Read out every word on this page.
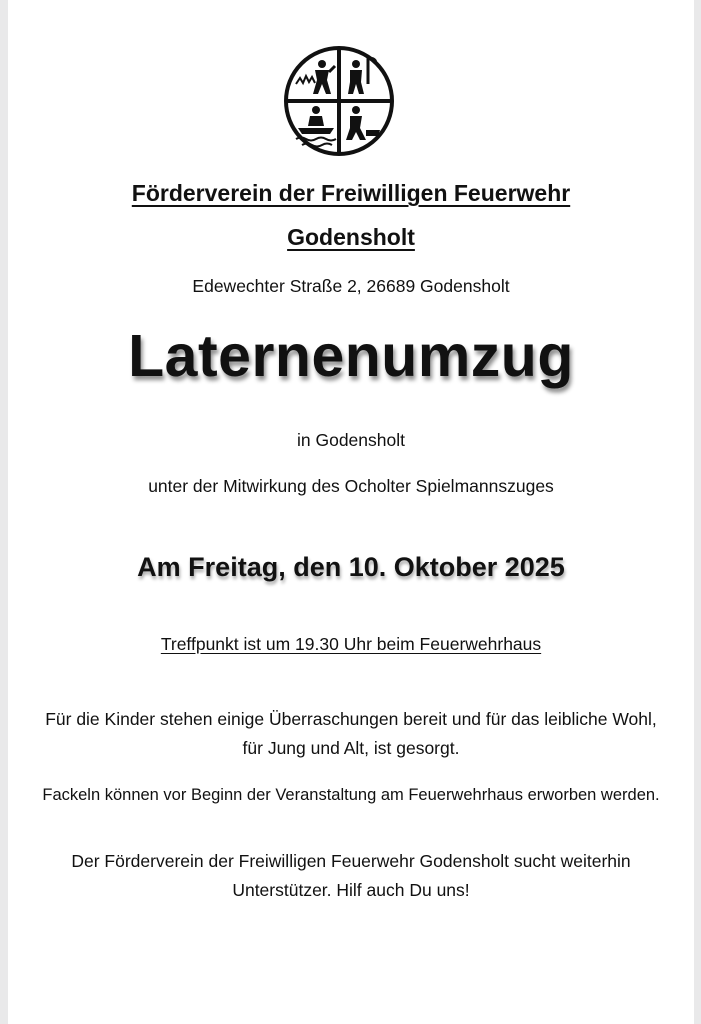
Förderverein der Freiwilligen Feuerwehr
Godensholt
Edewechter Straße 2, 26689 Godensholt
Laternenumzug
in Godensholt
unter der Mitwirkung des Ocholter Spielmannszuges
Am Freitag, den 10. Oktober 2025
Treffpunkt ist um 19.30 Uhr beim Feuerwehrhaus
Für die Kinder stehen einige Überraschungen bereit und für das leibliche Wohl, für Jung und Alt, ist gesorgt.
Fackeln können vor Beginn der Veranstaltung am Feuerwehrhaus erworben werden.
Der Förderverein der Freiwilligen Feuerwehr Godensholt sucht weiterhin Unterstützer. Hilf auch Du uns!
